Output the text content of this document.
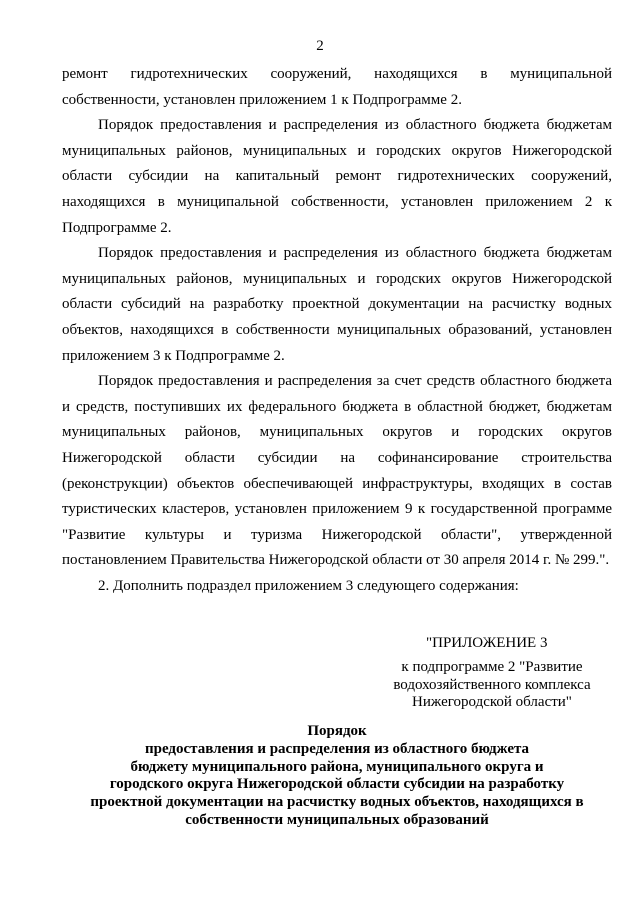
2

ремонт гидротехнических сооружений, находящихся в муниципальной собственности, установлен приложением 1 к Подпрограмме 2.

Порядок предоставления и распределения из областного бюджета бюджетам муниципальных районов, муниципальных и городских округов Нижегородской области субсидии на капитальный ремонт гидротехнических сооружений, находящихся в муниципальной собственности, установлен приложением 2 к Подпрограмме 2.

Порядок предоставления и распределения из областного бюджета бюджетам муниципальных районов, муниципальных и городских округов Нижегородской области субсидий на разработку проектной документации на расчистку водных объектов, находящихся в собственности муниципальных образований, установлен приложением 3 к Подпрограмме 2.

Порядок предоставления и распределения за счет средств областного бюджета и средств, поступивших их федерального бюджета в областной бюджет, бюджетам муниципальных районов, муниципальных округов и городских округов Нижегородской области субсидии на софинансирование строительства (реконструкции) объектов обеспечивающей инфраструктуры, входящих в состав туристических кластеров, установлен приложением 9 к государственной программе "Развитие культуры и туризма Нижегородской области", утвержденной постановлением Правительства Нижегородской области от 30 апреля 2014 г. № 299.".

2. Дополнить подраздел приложением 3 следующего содержания:

"ПРИЛОЖЕНИЕ 3
к подпрограмме 2 "Развитие
водохозяйственного комплекса
Нижегородской области"
Порядок
предоставления и распределения из областного бюджета
бюджету муниципального района, муниципального округа и
городского округа Нижегородской области субсидии на разработку
проектной документации на расчистку водных объектов, находящихся в
собственности муниципальных образований
